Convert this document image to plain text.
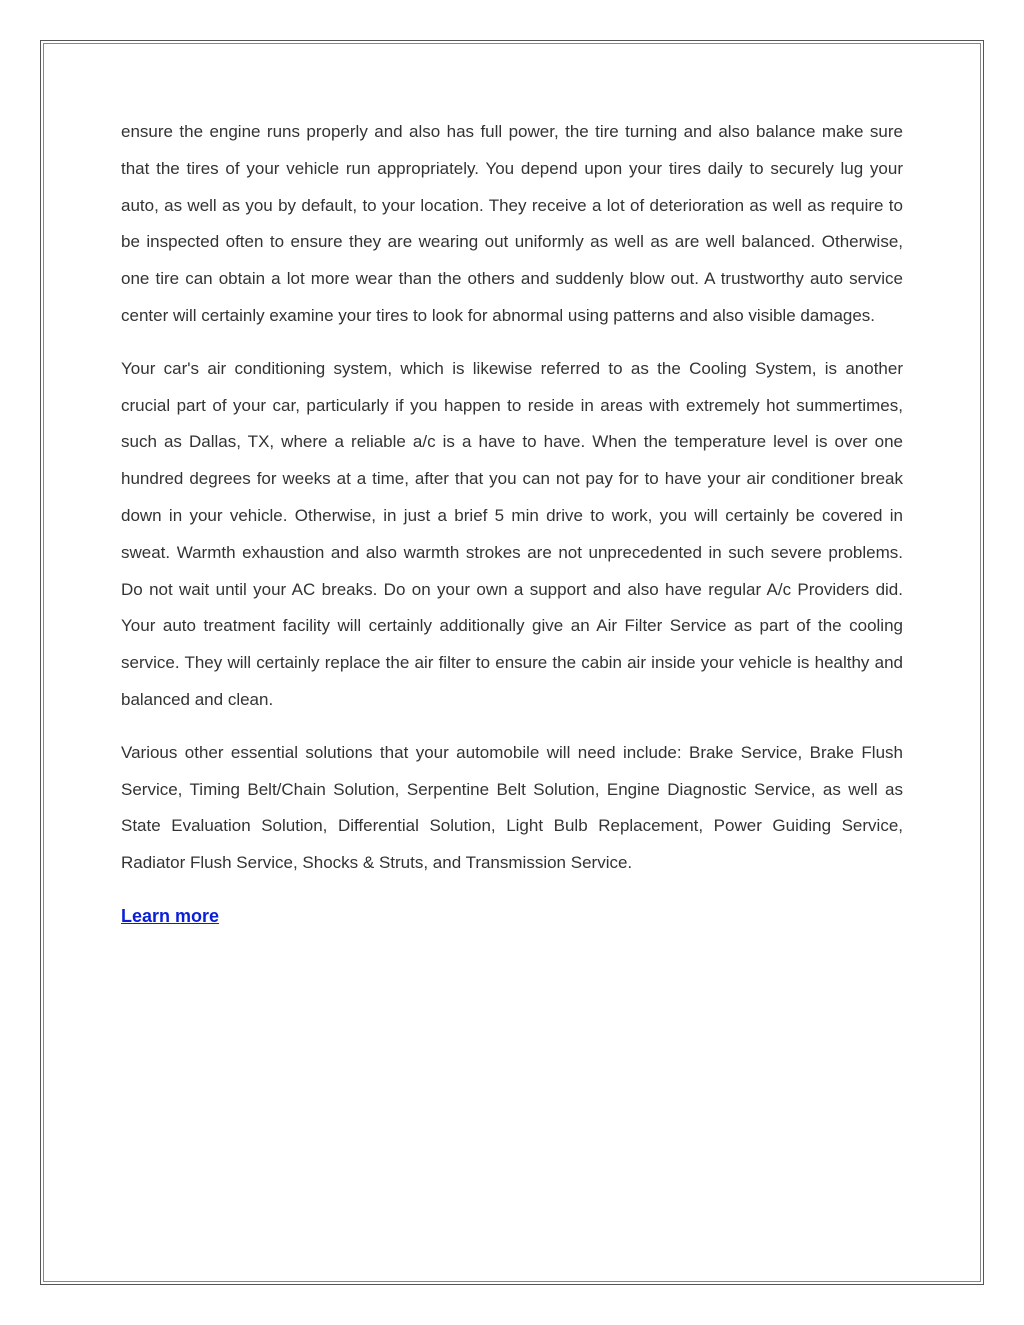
ensure the engine runs properly and also has full power, the tire turning and also balance make sure that the tires of your vehicle run appropriately. You depend upon your tires daily to securely lug your auto, as well as you by default, to your location. They receive a lot of deterioration as well as require to be inspected often to ensure they are wearing out uniformly as well as are well balanced. Otherwise, one tire can obtain a lot more wear than the others and suddenly blow out. A trustworthy auto service center will certainly examine your tires to look for abnormal using patterns and also visible damages.

Your car's air conditioning system, which is likewise referred to as the Cooling System, is another crucial part of your car, particularly if you happen to reside in areas with extremely hot summertimes, such as Dallas, TX, where a reliable a/c is a have to have. When the temperature level is over one hundred degrees for weeks at a time, after that you can not pay for to have your air conditioner break down in your vehicle. Otherwise, in just a brief 5 min drive to work, you will certainly be covered in sweat. Warmth exhaustion and also warmth strokes are not unprecedented in such severe problems. Do not wait until your AC breaks. Do on your own a support and also have regular A/c Providers did. Your auto treatment facility will certainly additionally give an Air Filter Service as part of the cooling service. They will certainly replace the air filter to ensure the cabin air inside your vehicle is healthy and balanced and clean.

Various other essential solutions that your automobile will need include: Brake Service, Brake Flush Service, Timing Belt/Chain Solution, Serpentine Belt Solution, Engine Diagnostic Service, as well as State Evaluation Solution, Differential Solution, Light Bulb Replacement, Power Guiding Service, Radiator Flush Service, Shocks & Struts, and Transmission Service.

Learn more
